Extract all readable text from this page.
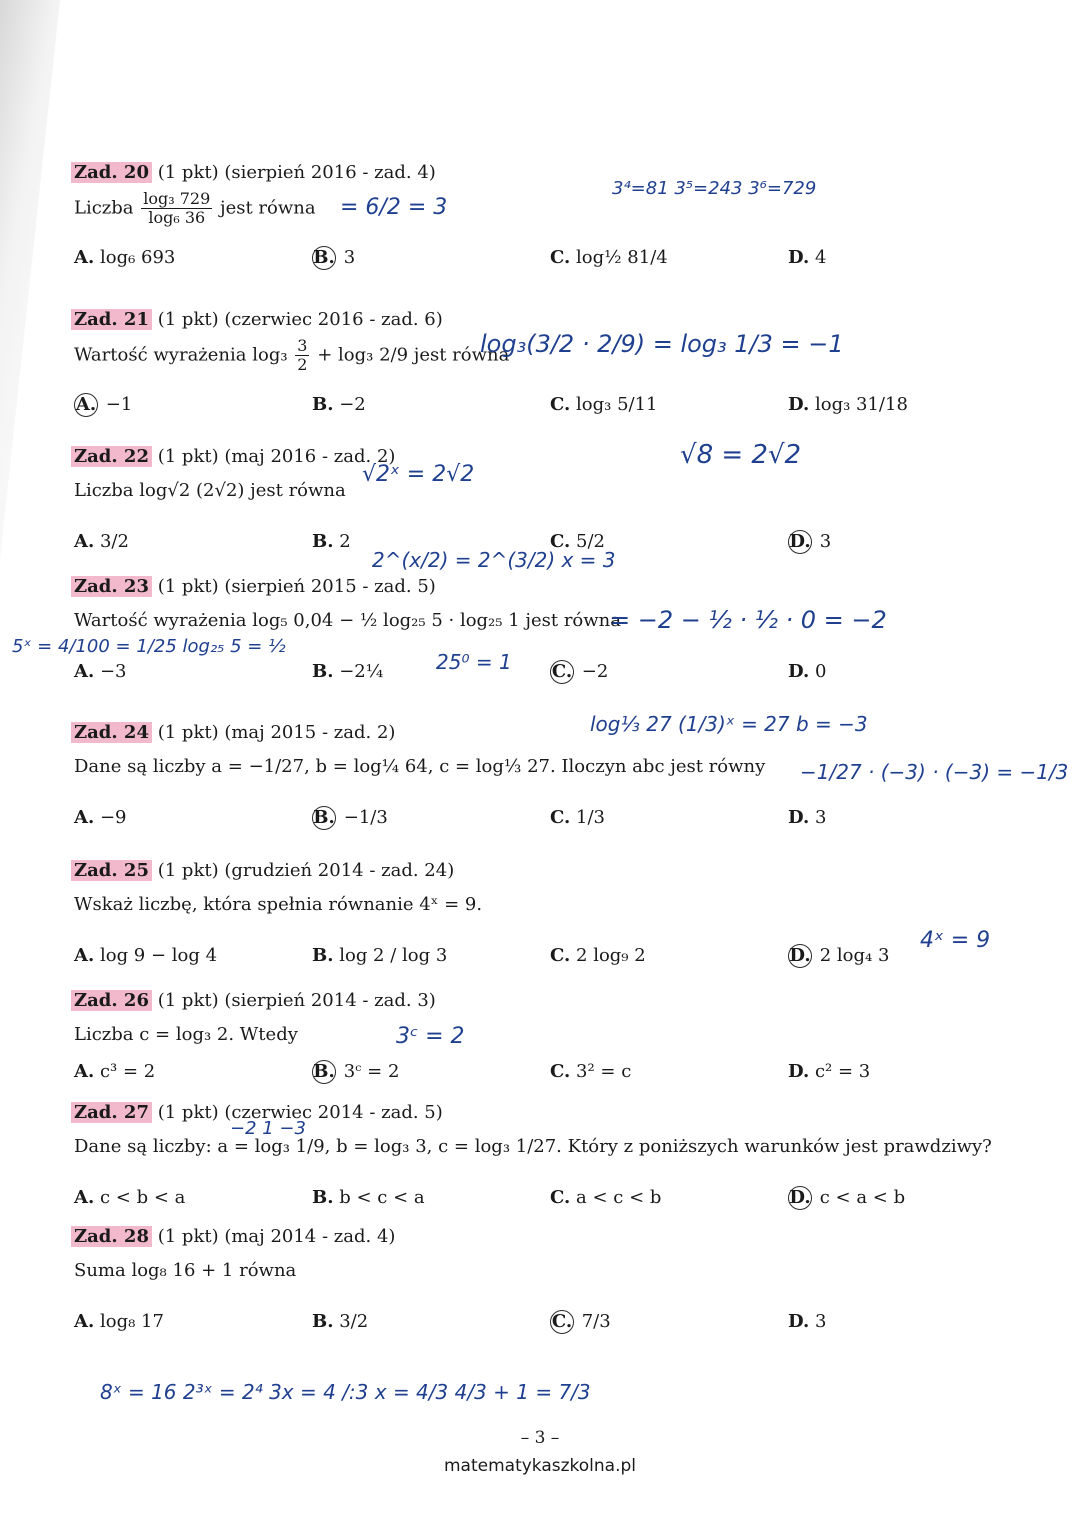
Zad. 20 (1 pkt) (sierpień 2016 - zad. 4)
Liczba $\frac{\text{log₃ 729}}{\text{log₆ 36}}$ jest równa
A. log₆ 693	B. 3	C. log½ 81/4	D. 4
Zad. 21 (1 pkt) (czerwiec 2016 - zad. 6)
Wartość wyrażenia $\log_3 \frac{3}{2} + \log_3$ 2/9 jest równa
A. −1	B. −2	C. log₃ 5/11	D. log₃ 31/18
Zad. 22 (1 pkt) (maj 2016 - zad. 2)
Liczba log√2 (2√2) jest równa
A. 3/2	B. 2	C. 5/2	D. 3
Zad. 23 (1 pkt) (sierpień 2015 - zad. 5)
Wartość wyrażenia log₅ 0,04 − ½ log₂₅ 5 · log₂₅ 1 jest równa
A. −3	B. −2¼	C. −2	D. 0
Zad. 24 (1 pkt) (maj 2015 - zad. 2)
Dane są liczby a = −1/27, b = log¼ 64, c = log⅓ 27. Iloczyn abc jest równy
A. −9	B. −1/3	C. 1/3	D. 3
Zad. 25 (1 pkt) (grudzień 2014 - zad. 24)
Wskaż liczbę, która spełnia równanie 4ˣ = 9.
A. log 9 − log 4	B. log 2 / log 3	C. 2 log₉ 2	D. 2 log₄ 3
Zad. 26 (1 pkt) (sierpień 2014 - zad. 3)
Liczba c = log₃ 2. Wtedy
A. c³ = 2	B. 3ᶜ = 2	C. 3² = c	D. c² = 3
Zad. 27 (1 pkt) (czerwiec 2014 - zad. 5)
Dane są liczby: a = log₃ 1/9, b = log₃ 3, c = log₃ 1/27. Który z poniższych warunków jest prawdziwy?
A. c < b < a	B. b < c < a	C. a < c < b	D. c < a < b
Zad. 28 (1 pkt) (maj 2014 - zad. 4)
Suma log₈ 16 + 1 równa
A. log₈ 17	B. 3/2	C. 7/3	D. 3
= 6/2 = 3
3⁴=81 3⁵=243 3⁶=729
log₃(3/2 · 2/9) = log₃ 1/3 = −1
√2ˣ = 2√2
√8 = 2√2
2^(x/2) = 2^(3/2) x = 3
= −2 − ½ · ½ · 0 = −2
5ˣ = 4/100 = 1/25 log₂₅ 5 = ½
25⁰ = 1
log⅓ 27 (1/3)ˣ = 27 b = −3
−1/27 · (−3) · (−3) = −1/3
4ˣ = 9
3ᶜ = 2
−2 1 −3
8ˣ = 16 2³ˣ = 2⁴ 3x = 4 /:3 x = 4/3 4/3 + 1 = 7/3
– 3 –
matematykaszkolna.pl
